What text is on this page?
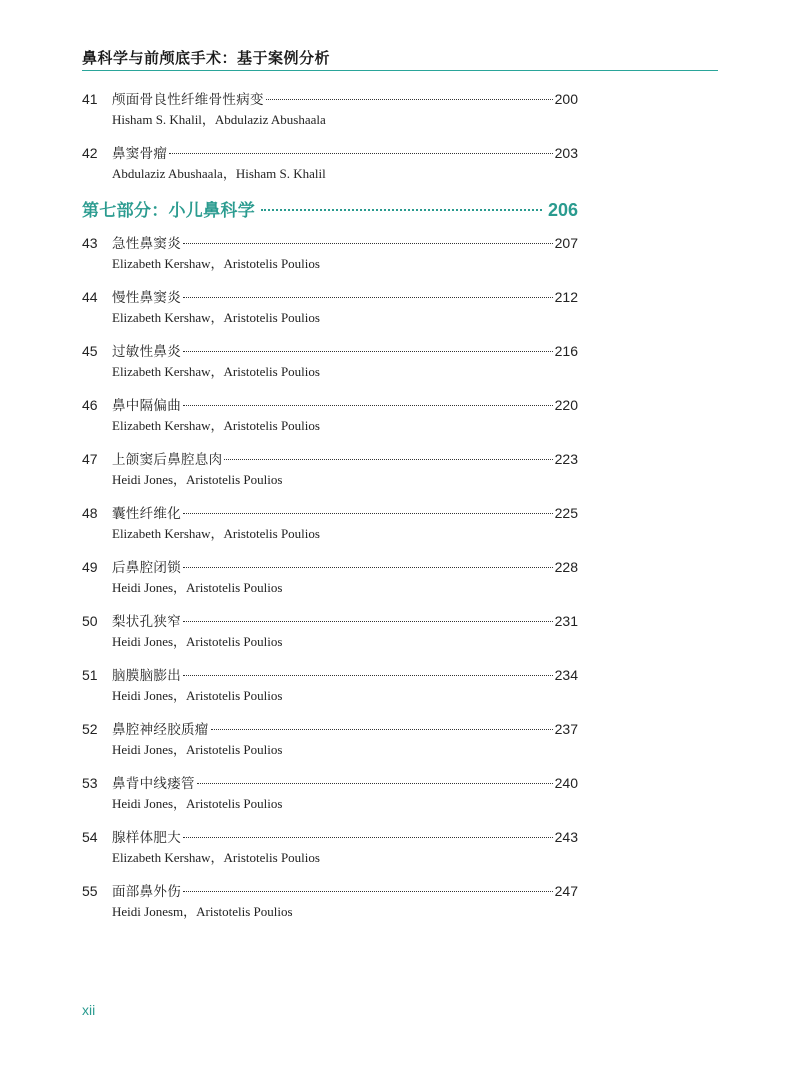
鼻科学与前颅底手术：基于案例分析
41	颅面骨良性纤维骨性病变	200
Hisham S. Khalil，Abdulaziz Abushaala
42	鼻窦骨瘤	203
Abdulaziz Abushaala，Hisham S. Khalil
第七部分：小儿鼻科学	206
43	急性鼻窦炎	207
Elizabeth Kershaw，Aristotelis Poulios
44	慢性鼻窦炎	212
Elizabeth Kershaw，Aristotelis Poulios
45	过敏性鼻炎	216
Elizabeth Kershaw，Aristotelis Poulios
46	鼻中隔偏曲	220
Elizabeth Kershaw，Aristotelis Poulios
47	上颌窦后鼻腔息肉	223
Heidi Jones，Aristotelis Poulios
48	囊性纤维化	225
Elizabeth Kershaw，Aristotelis Poulios
49	后鼻腔闭锁	228
Heidi Jones，Aristotelis Poulios
50	梨状孔狭窄	231
Heidi Jones，Aristotelis Poulios
51	脑膜脑膨出	234
Heidi Jones，Aristotelis Poulios
52	鼻腔神经胶质瘤	237
Heidi Jones，Aristotelis Poulios
53	鼻背中线瘘管	240
Heidi Jones，Aristotelis Poulios
54	腺样体肥大	243
Elizabeth Kershaw，Aristotelis Poulios
55	面部鼻外伤	247
Heidi Jonesm，Aristotelis Poulios
xii
